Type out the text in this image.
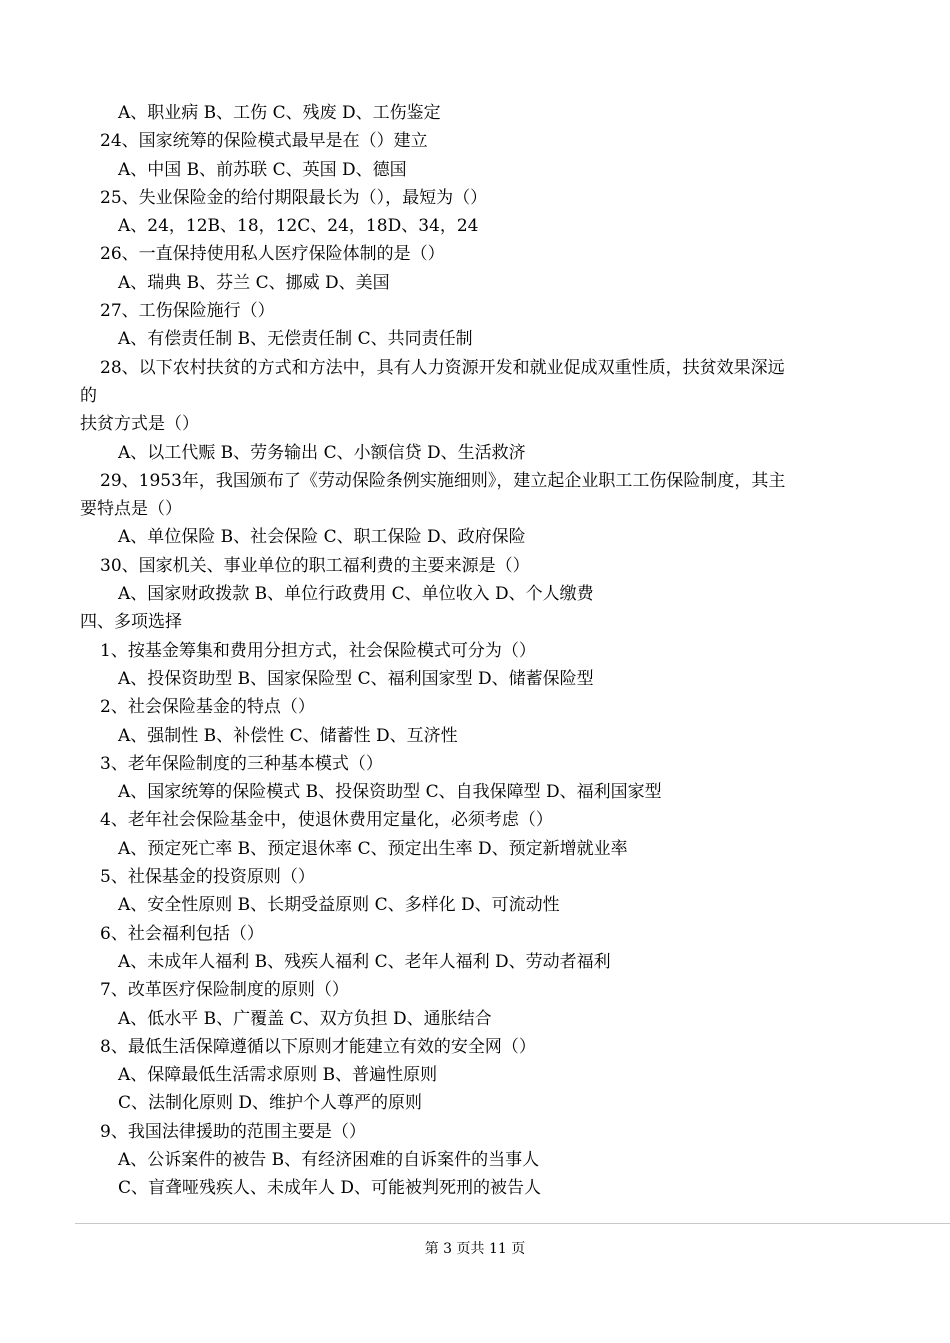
A、职业病 B、工伤 C、残废 D、工伤鉴定
24、国家统筹的保险模式最早是在（）建立
A、中国 B、前苏联 C、英国 D、德国
25、失业保险金的给付期限最长为（），最短为（）
A、24，12B、18，12C、24，18D、34，24
26、一直保持使用私人医疗保险体制的是（）
A、瑞典 B、芬兰 C、挪威 D、美国
27、工伤保险施行（）
A、有偿责任制 B、无偿责任制 C、共同责任制
28、以下农村扶贫的方式和方法中，具有人力资源开发和就业促成双重性质，扶贫效果深远
的
扶贫方式是（）
A、以工代赈 B、劳务输出 C、小额信贷 D、生活救济
29、1953年，我国颁布了《劳动保险条例实施细则》，建立起企业职工工伤保险制度，其主
要特点是（）
A、单位保险 B、社会保险 C、职工保险 D、政府保险
30、国家机关、事业单位的职工福利费的主要来源是（）
A、国家财政拨款 B、单位行政费用 C、单位收入 D、个人缴费
四、多项选择
1、按基金筹集和费用分担方式，社会保险模式可分为（）
A、投保资助型 B、国家保险型 C、福利国家型 D、储蓄保险型
2、社会保险基金的特点（）
A、强制性 B、补偿性 C、储蓄性 D、互济性
3、老年保险制度的三种基本模式（）
A、国家统筹的保险模式 B、投保资助型 C、自我保障型 D、福利国家型
4、老年社会保险基金中，使退休费用定量化，必须考虑（）
A、预定死亡率 B、预定退休率 C、预定出生率 D、预定新增就业率
5、社保基金的投资原则（）
A、安全性原则 B、长期受益原则 C、多样化 D、可流动性
6、社会福利包括（）
A、未成年人福利 B、残疾人福利 C、老年人福利 D、劳动者福利
7、改革医疗保险制度的原则（）
A、低水平 B、广覆盖 C、双方负担 D、通胀结合
8、最低生活保障遵循以下原则才能建立有效的安全网（）
A、保障最低生活需求原则 B、普遍性原则
C、法制化原则 D、维护个人尊严的原则
9、我国法律援助的范围主要是（）
A、公诉案件的被告 B、有经济困难的自诉案件的当事人
C、盲聋哑残疾人、未成年人 D、可能被判死刑的被告人
第 3 页共 11 页
